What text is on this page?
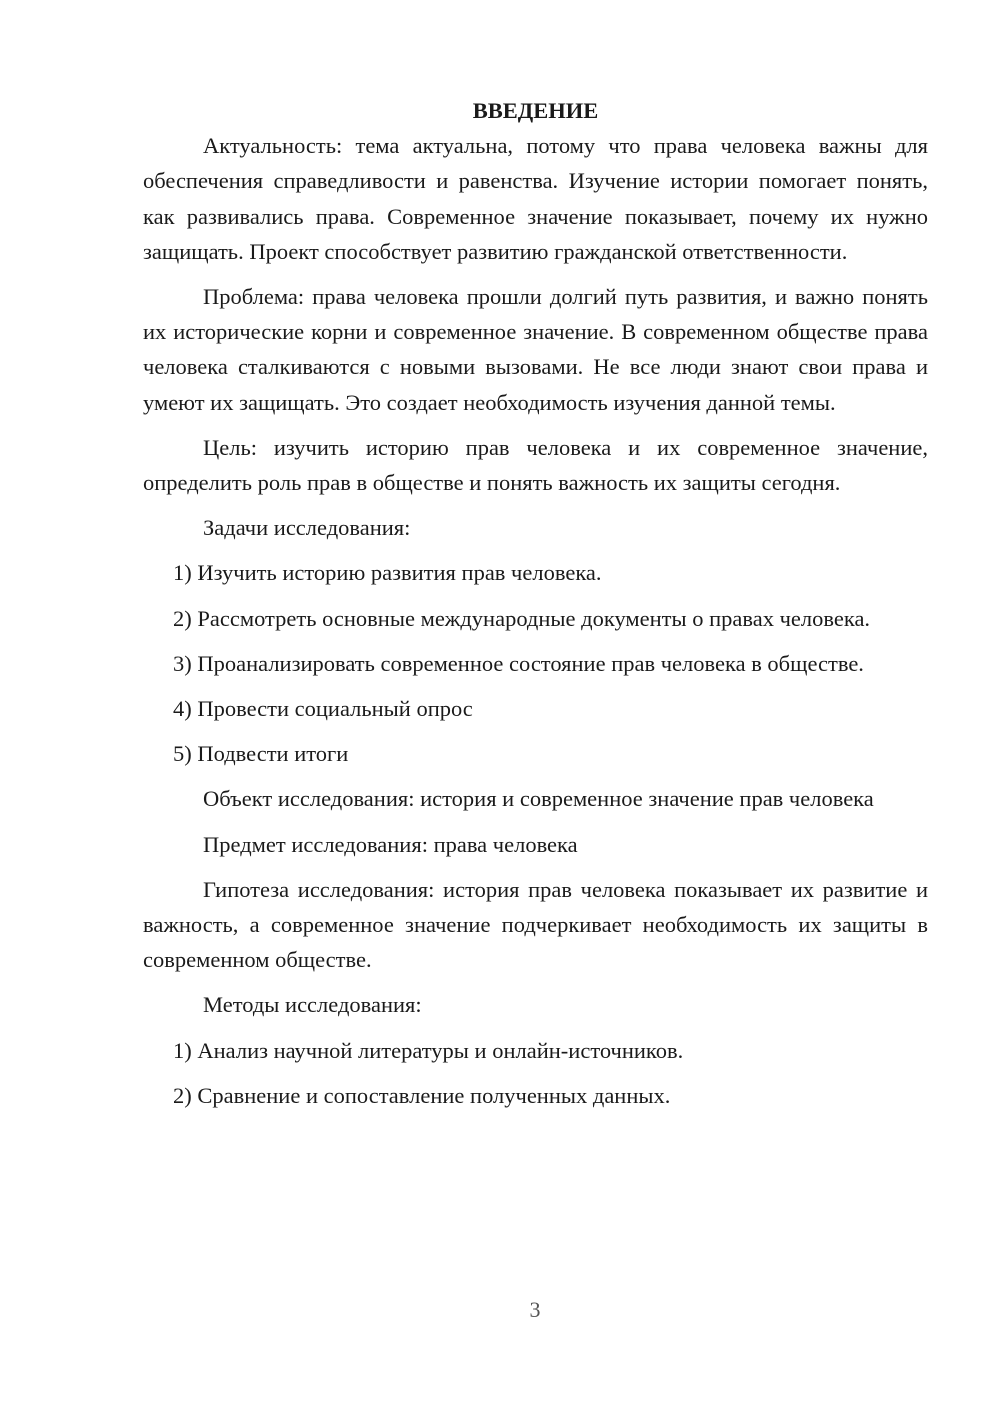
ВВЕДЕНИЕ

Актуальность: тема актуальна, потому что права человека важны для обеспечения справедливости и равенства. Изучение истории помогает понять, как развивались права. Современное значение показывает, почему их нужно защищать. Проект способствует развитию гражданской ответственности.

Проблема: права человека прошли долгий путь развития, и важно понять их исторические корни и современное значение. В современном обществе права человека сталкиваются с новыми вызовами. Не все люди знают свои права и умеют их защищать. Это создает необходимость изучения данной темы.

Цель: изучить историю прав человека и их современное значение, определить роль прав в обществе и понять важность их защиты сегодня.

Задачи исследования:

1) Изучить историю развития прав человека.

2) Рассмотреть основные международные документы о правах человека.

3) Проанализировать современное состояние прав человека в обществе.

4) Провести социальный опрос

5) Подвести итоги

Объект исследования: история и современное значение прав человека

Предмет исследования: права человека

Гипотеза исследования: история прав человека показывает их развитие и важность, а современное значение подчеркивает необходимость их защиты в современном обществе.

Методы исследования:

1) Анализ научной литературы и онлайн-источников.

2) Сравнение и сопоставление полученных данных.

3
